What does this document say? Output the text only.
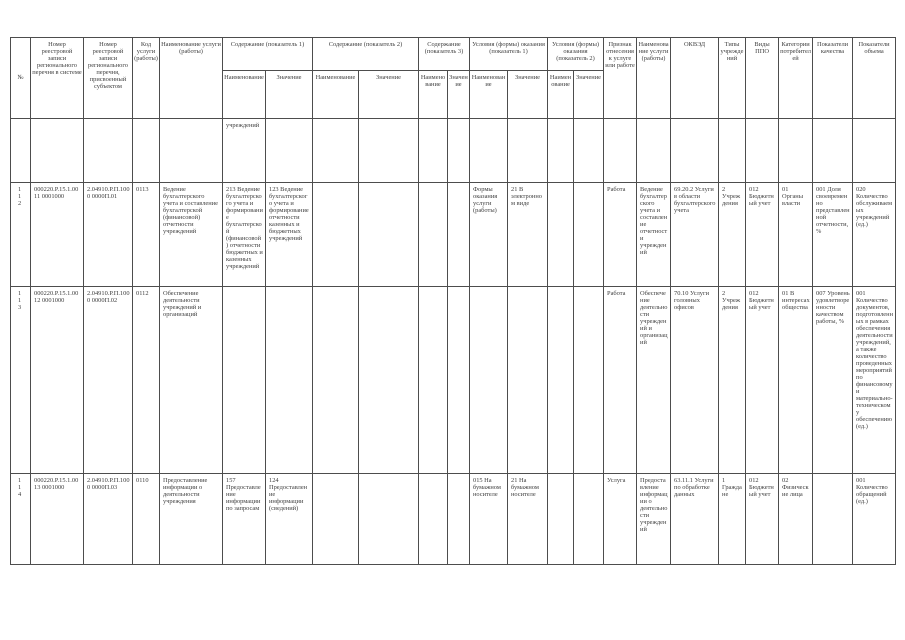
№	Номер реестровой записи регионального перечня в системе	Номер реестровой записи регионального перечня, присвоенный субъектом	Код услуги (работы)	Наименование услуги (работы)	Содержание (показатель 1)		Содержание (показатель 2)		Содержание (показатель 3)		Условия (формы) оказания (показатель 1)		Условия (формы) оказания (показатель 2)		Признак отнесения к услуге или работе	Наименование услуги (работы)	ОКВЭД	Типы учреждений	Виды ППО	Категории потребителей	Показатели качества	Показатели объема

					Наименование	Значение	Наименование	Значение	Наименование	Значение	Наименование	Значение	Наименование	Значение								

					учреждений																	

112	000220.Р.15.1.0011 0001000	2.04910.Р.П.1000 0000П.01	0113	Ведение бухгалтерского учета и составление бухгалтерской (финансовой) отчетности учреждений	213 Ведение бухгалтерского учета и формирование бухгалтерской (финансовой) отчетности бюджетных и казенных учреждений	123 Ведение бухгалтерского учета и формирование отчетности казенных и бюджетных учреждений					Формы оказания услуги (работы)	21 В электронном виде			Работа	Ведение бухгалтерского учета и составление отчетности учреждений	69.20.2 Услуги в области бухгалтерского учета	2 Учреждения	012 Бюджетный учет	01 Органы власти	001 Доля своевременно представленной отчетности, %	020 Количество обслуживаемых учреждений (ед.)

113	000220.Р.15.1.0012 0001000	2.04910.Р.П.1000 0000П.02	0112	Обеспечение деятельности учреждений и организаций											Работа	Обеспечение деятельности учреждений и организаций	70.10 Услуги головных офисов	2 Учреждения	012 Бюджетный учет	01 В интересах общества	007 Уровень удовлетворенности качеством работы, %	001 Количество документов, подготовленных в рамках обеспечения деятельности учреждений, а также количество проведенных мероприятий по финансовому и материально-техническому обеспечению (ед.)

114	000220.Р.15.1.0013 0001000	2.04910.Р.П.1000 0000П.03	0110	Предоставление информации о деятельности учреждения	157 Предоставление информации по запросам	124 Предоставление информации (сведений)					015 На бумажном носителе	21 На бумажном носителе			Услуга	Предоставление информации о деятельности учреждений	63.11.1 Услуги по обработке данных	1 Граждане	012 Бюджетный учет	02 Физические лица		001 Количество обращений (ед.)
